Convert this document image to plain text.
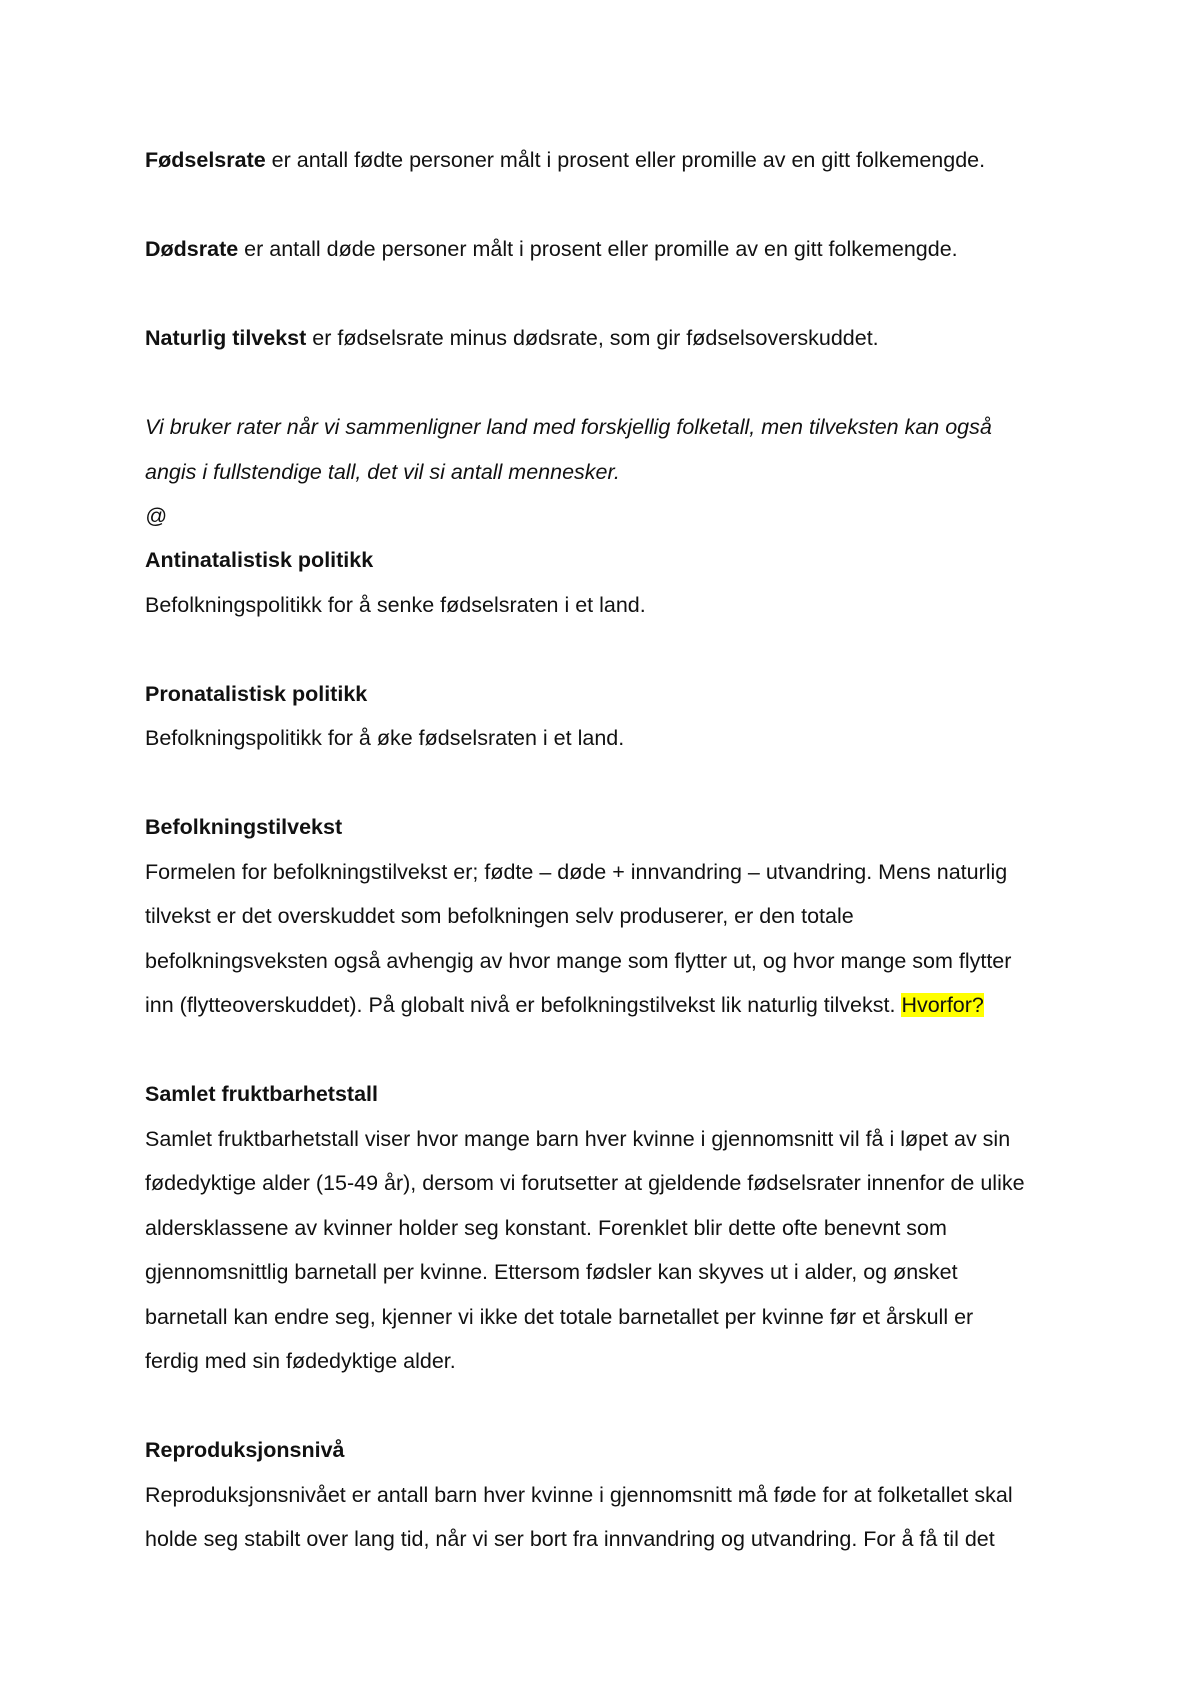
Fødselsrate er antall fødte personer målt i prosent eller promille av en gitt folkemengde.
Dødsrate er antall døde personer målt i prosent eller promille av en gitt folkemengde.
Naturlig tilvekst er fødselsrate minus dødsrate, som gir fødselsoverskuddet.
Vi bruker rater når vi sammenligner land med forskjellig folketall, men tilveksten kan også
angis i fullstendige tall, det vil si antall mennesker.
@
Antinatalistisk politikk
Befolkningspolitikk for å senke fødselsraten i et land.
Pronatalistisk politikk
Befolkningspolitikk for å øke fødselsraten i et land.
Befolkningstilvekst
Formelen for befolkningstilvekst er; fødte – døde + innvandring – utvandring. Mens naturlig
tilvekst er det overskuddet som befolkningen selv produserer, er den totale
befolkningsveksten også avhengig av hvor mange som flytter ut, og hvor mange som flytter
inn (flytteoverskuddet). På globalt nivå er befolkningstilvekst lik naturlig tilvekst. Hvorfor?
Samlet fruktbarhetstall
Samlet fruktbarhetstall viser hvor mange barn hver kvinne i gjennomsnitt vil få i løpet av sin
fødedyktige alder (15-49 år), dersom vi forutsetter at gjeldende fødselsrater innenfor de ulike
aldersklassene av kvinner holder seg konstant. Forenklet blir dette ofte benevnt som
gjennomsnittlig barnetall per kvinne. Ettersom fødsler kan skyves ut i alder, og ønsket
barnetall kan endre seg, kjenner vi ikke det totale barnetallet per kvinne før et årskull er
ferdig med sin fødedyktige alder.
Reproduksjonsnivå
Reproduksjonsnivået er antall barn hver kvinne i gjennomsnitt må føde for at folketallet skal
holde seg stabilt over lang tid, når vi ser bort fra innvandring og utvandring. For å få til det
